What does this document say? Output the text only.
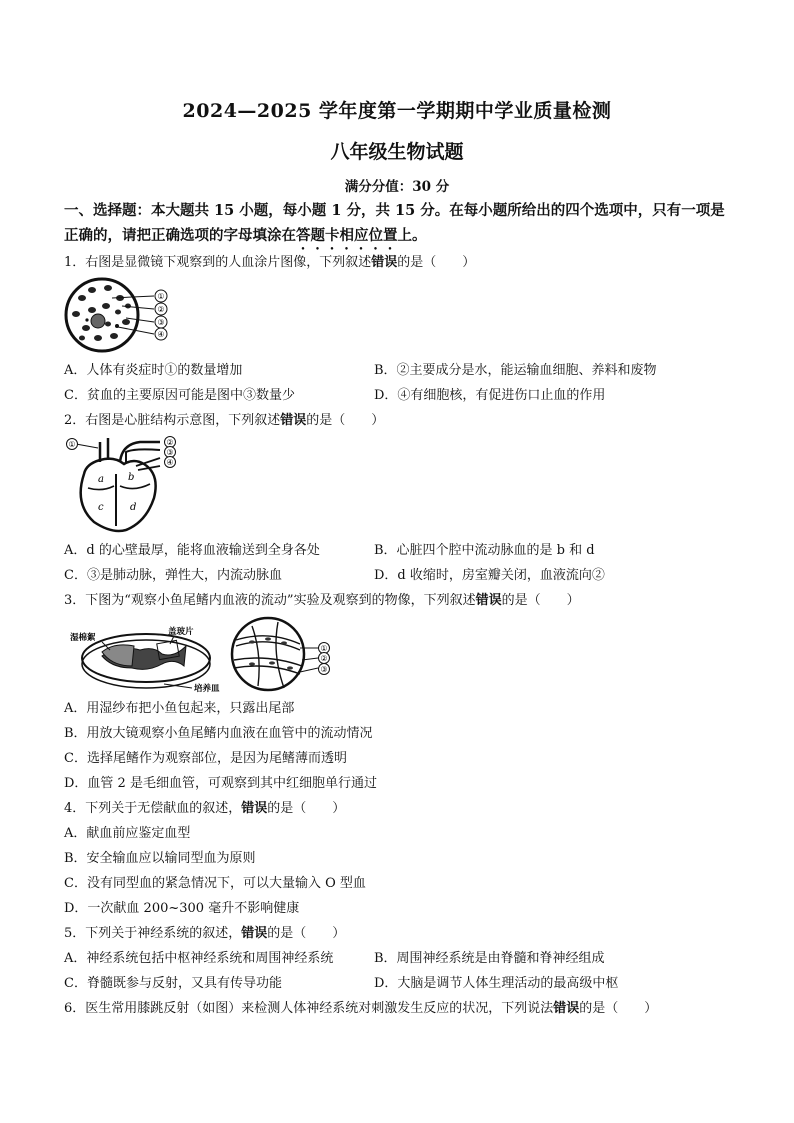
2024—2025 学年度第一学期期中学业质量检测
八年级生物试题
满分分值：30 分
一、选择题：本大题共 15 小题，每小题 1 分，共 15 分。在每小题所给出的四个选项中，只有一项是正确的，请把正确选项的字母填涂在答题卡相应位置上。
1．右图是显微镜下观察到的人血涂片图像，下列叙述错误的是（　　）
①
②
③
④
A．人体有炎症时①的数量增加	B．②主要成分是水，能运输血细胞、养料和废物
C．贫血的主要原因可能是图中③数量少	D．④有细胞核，有促进伤口止血的作用
2．右图是心脏结构示意图，下列叙述错误的是（　　）
①	②
③
④
a b
c	d
A．d 的心壁最厚，能将血液输送到全身各处	B．心脏四个腔中流动脉血的是 b 和 d
C．③是肺动脉，弹性大，内流动脉血	D．d 收缩时，房室瓣关闭，血液流向②
3．下图为“观察小鱼尾鳍内血液的流动”实验及观察到的物像，下列叙述错误的是（　　）
湿棉絮
盖玻片
培养皿
①
②
③
A．用湿纱布把小鱼包起来，只露出尾部
B．用放大镜观察小鱼尾鳍内血液在血管中的流动情况
C．选择尾鳍作为观察部位，是因为尾鳍薄而透明
D．血管 2 是毛细血管，可观察到其中红细胞单行通过
4．下列关于无偿献血的叙述，错误的是（　　）
A．献血前应鉴定血型
B．安全输血应以输同型血为原则
C．没有同型血的紧急情况下，可以大量输入 O 型血
D．一次献血 200~300 毫升不影响健康
5．下列关于神经系统的叙述，错误的是（　　）
A．神经系统包括中枢神经系统和周围神经系统	B．周围神经系统是由脊髓和脊神经组成
C．脊髓既参与反射，又具有传导功能	D．大脑是调节人体生理活动的最高级中枢
6．医生常用膝跳反射（如图）来检测人体神经系统对刺激发生反应的状况，下列说法错误的是（　　）
